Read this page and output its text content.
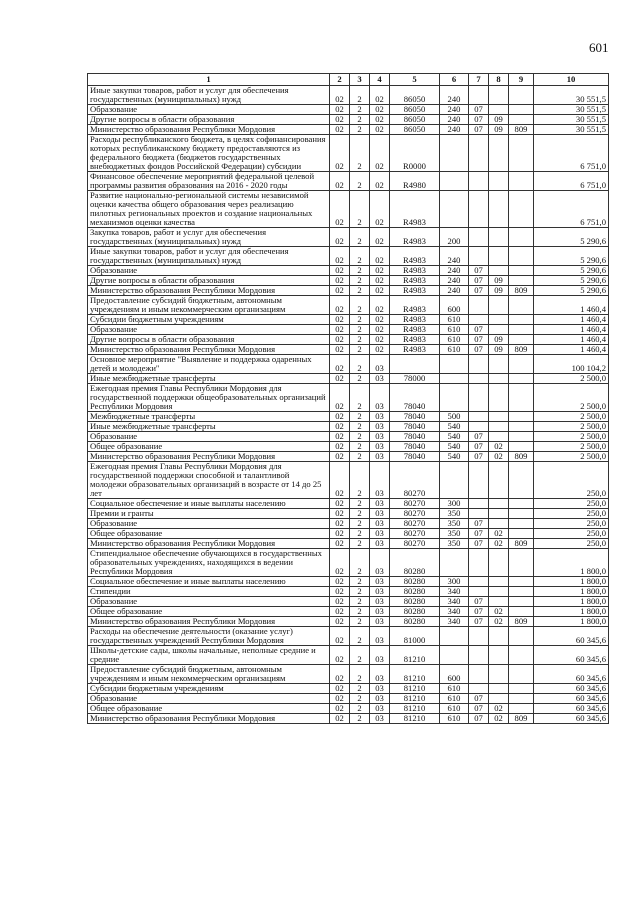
601
1	2	3	4	5	6	7	8	9	10
Иные закупки товаров, работ и услуг для обеспечения государственных (муниципальных) нужд	02	2	02	86050	240				30 551,5
Образование	02	2	02	86050	240	07			30 551,5
Другие вопросы в области образования	02	2	02	86050	240	07	09		30 551,5
Министерство образования Республики Мордовия	02	2	02	86050	240	07	09	809	30 551,5
Расходы республиканского бюджета, в целях софинансирования которых республиканскому бюджету предоставляются из федерального бюджета (бюджетов государственных внебюджетных фондов Российской Федерации) субсидии	02	2	02	R0000					6 751,0
Финансовое обеспечение мероприятий федеральной целевой программы развития образования на 2016 - 2020 годы	02	2	02	R4980					6 751,0
Развитие национально-региональной системы независимой оценки качества общего образования через реализацию пилотных региональных проектов и создание национальных механизмов оценки качества	02	2	02	R4983					6 751,0
Закупка товаров, работ и услуг для обеспечения государственных (муниципальных) нужд	02	2	02	R4983	200				5 290,6
Иные закупки товаров, работ и услуг для обеспечения государственных (муниципальных) нужд	02	2	02	R4983	240				5 290,6
Образование	02	2	02	R4983	240	07			5 290,6
Другие вопросы в области образования	02	2	02	R4983	240	07	09		5 290,6
Министерство образования Республики Мордовия	02	2	02	R4983	240	07	09	809	5 290,6
Предоставление субсидий бюджетным, автономным учреждениям и иным некоммерческим организациям	02	2	02	R4983	600				1 460,4
Субсидии бюджетным учреждениям	02	2	02	R4983	610				1 460,4
Образование	02	2	02	R4983	610	07			1 460,4
Другие вопросы в области образования	02	2	02	R4983	610	07	09		1 460,4
Министерство образования Республики Мордовия	02	2	02	R4983	610	07	09	809	1 460,4
Основное мероприятие "Выявление и поддержка одаренных детей и молодежи"	02	2	03						100 104,2
Иные межбюджетные трансферты	02	2	03	78000					2 500,0
Ежегодная премия Главы Республики Мордовия для государственной поддержки общеобразовательных организаций Республики Мордовия	02	2	03	78040					2 500,0
Межбюджетные трансферты	02	2	03	78040	500				2 500,0
Иные межбюджетные трансферты	02	2	03	78040	540				2 500,0
Образование	02	2	03	78040	540	07			2 500,0
Общее образование	02	2	03	78040	540	07	02		2 500,0
Министерство образования Республики Мордовия	02	2	03	78040	540	07	02	809	2 500,0
Ежегодная премия Главы Республики Мордовия для государственной поддержки способной и талантливой молодежи образовательных организаций в возрасте от 14 до 25 лет	02	2	03	80270					250,0
Социальное обеспечение и иные выплаты населению	02	2	03	80270	300				250,0
Премии и гранты	02	2	03	80270	350				250,0
Образование	02	2	03	80270	350	07			250,0
Общее образование	02	2	03	80270	350	07	02		250,0
Министерство образования Республики Мордовия	02	2	03	80270	350	07	02	809	250,0
Стипендиальное обеспечение обучающихся в государственных образовательных учреждениях, находящихся в ведении Республики Мордовия	02	2	03	80280					1 800,0
Социальное обеспечение и иные выплаты населению	02	2	03	80280	300				1 800,0
Стипендии	02	2	03	80280	340				1 800,0
Образование	02	2	03	80280	340	07			1 800,0
Общее образование	02	2	03	80280	340	07	02		1 800,0
Министерство образования Республики Мордовия	02	2	03	80280	340	07	02	809	1 800,0
Расходы на обеспечение деятельности (оказание услуг) государственных учреждений Республики Мордовия	02	2	03	81000					60 345,6
Школы-детские сады, школы начальные, неполные средние и средние	02	2	03	81210					60 345,6
Предоставление субсидий бюджетным, автономным учреждениям и иным некоммерческим организациям	02	2	03	81210	600				60 345,6
Субсидии бюджетным учреждениям	02	2	03	81210	610				60 345,6
Образование	02	2	03	81210	610	07			60 345,6
Общее образование	02	2	03	81210	610	07	02		60 345,6
Министерство образования Республики Мордовия	02	2	03	81210	610	07	02	809	60 345,6
